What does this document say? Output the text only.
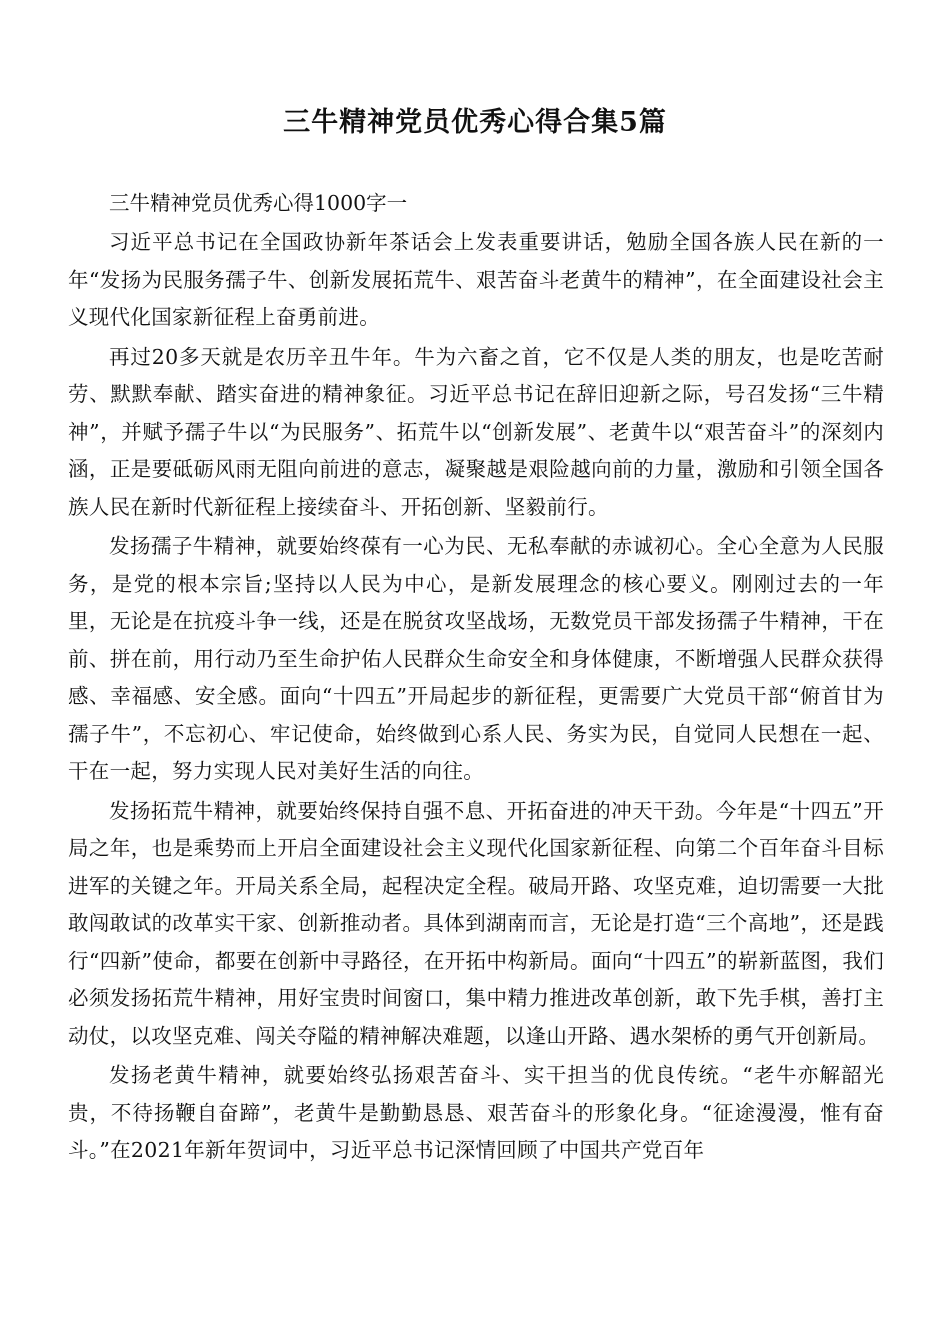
三牛精神党员优秀心得合集5篇

三牛精神党员优秀心得1000字一

习近平总书记在全国政协新年茶话会上发表重要讲话，勉励全国各族人民在新的一年“发扬为民服务孺子牛、创新发展拓荒牛、艰苦奋斗老黄牛的精神”，在全面建设社会主义现代化国家新征程上奋勇前进。

再过20多天就是农历辛丑牛年。牛为六畜之首，它不仅是人类的朋友，也是吃苦耐劳、默默奉献、踏实奋进的精神象征。习近平总书记在辞旧迎新之际，号召发扬“三牛精神”，并赋予孺子牛以“为民服务”、拓荒牛以“创新发展”、老黄牛以“艰苦奋斗”的深刻内涵，正是要砥砺风雨无阻向前进的意志，凝聚越是艰险越向前的力量，激励和引领全国各族人民在新时代新征程上接续奋斗、开拓创新、坚毅前行。

发扬孺子牛精神，就要始终葆有一心为民、无私奉献的赤诚初心。全心全意为人民服务，是党的根本宗旨;坚持以人民为中心，是新发展理念的核心要义。刚刚过去的一年里，无论是在抗疫斗争一线，还是在脱贫攻坚战场，无数党员干部发扬孺子牛精神，干在前、拼在前，用行动乃至生命护佑人民群众生命安全和身体健康，不断增强人民群众获得感、幸福感、安全感。面向“十四五”开局起步的新征程，更需要广大党员干部“俯首甘为孺子牛”，不忘初心、牢记使命，始终做到心系人民、务实为民，自觉同人民想在一起、干在一起，努力实现人民对美好生活的向往。

发扬拓荒牛精神，就要始终保持自强不息、开拓奋进的冲天干劲。今年是“十四五”开局之年，也是乘势而上开启全面建设社会主义现代化国家新征程、向第二个百年奋斗目标进军的关键之年。开局关系全局，起程决定全程。破局开路、攻坚克难，迫切需要一大批敢闯敢试的改革实干家、创新推动者。具体到湖南而言，无论是打造“三个高地”，还是践行“四新”使命，都要在创新中寻路径，在开拓中构新局。面向“十四五”的崭新蓝图，我们必须发扬拓荒牛精神，用好宝贵时间窗口，集中精力推进改革创新，敢下先手棋，善打主动仗，以攻坚克难、闯关夺隘的精神解决难题，以逢山开路、遇水架桥的勇气开创新局。

发扬老黄牛精神，就要始终弘扬艰苦奋斗、实干担当的优良传统。“老牛亦解韶光贵，不待扬鞭自奋蹄”，老黄牛是勤勤恳恳、艰苦奋斗的形象化身。“征途漫漫，惟有奋斗。”在2021年新年贺词中，习近平总书记深情回顾了中国共产党百年
